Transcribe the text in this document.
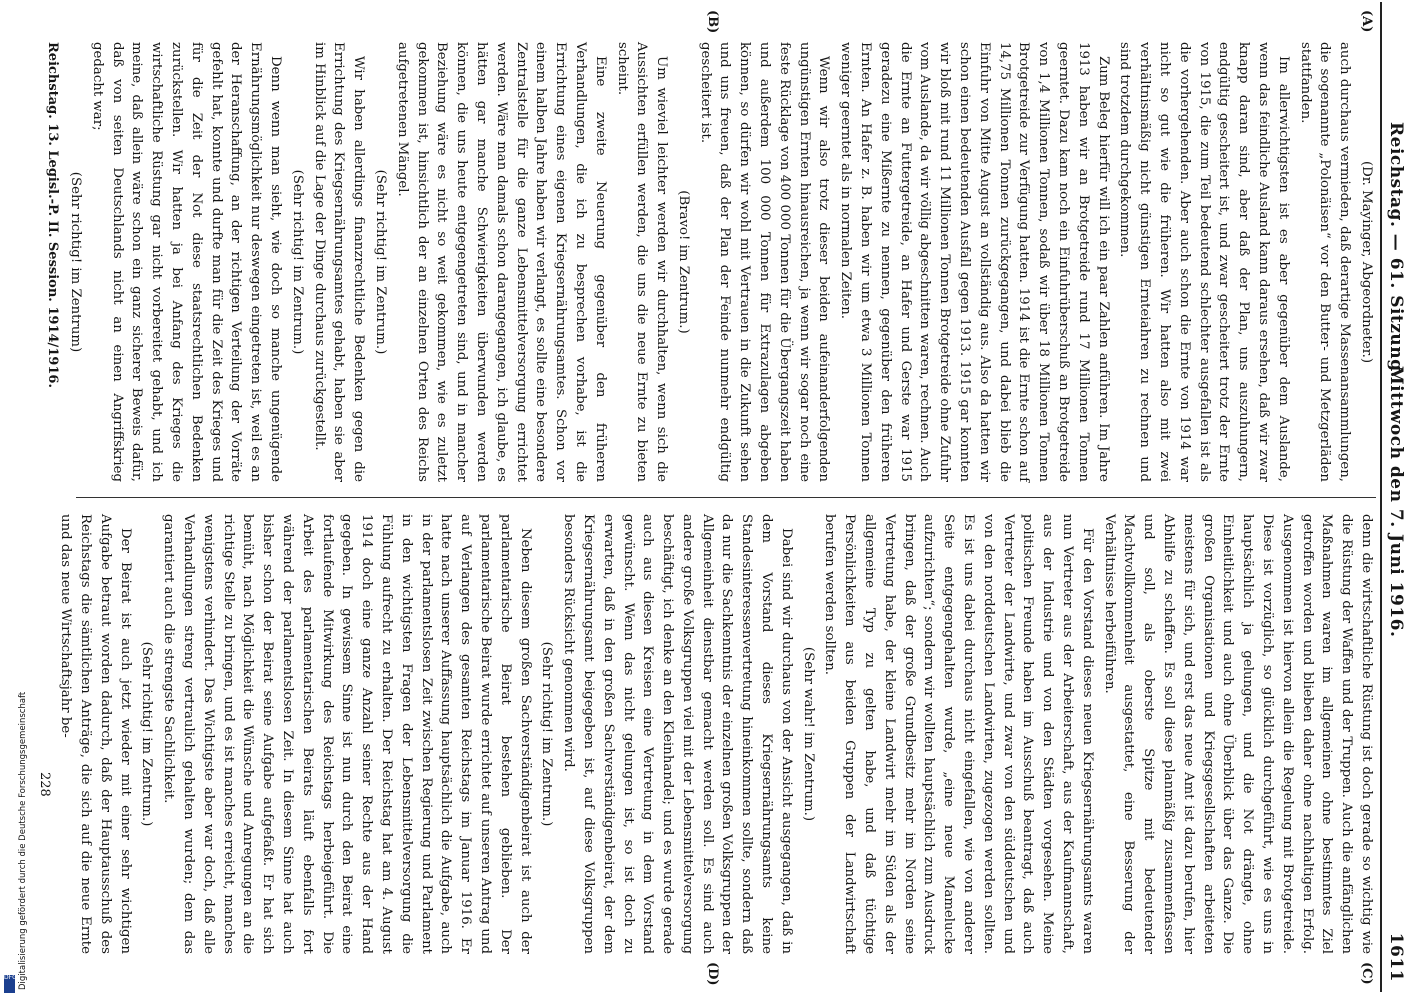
Reichstag. — 61. Sitzung.
Mittwoch den 7. Juni 1916.                                              1611
(A)
(B)
(C)
(D)

(Dr. Mayinger, Abgeordneter.)

auch durchaus vermieden, daß derartige Massenansammlungen, die sogenannte „Polonäisen“ vor den Butter- und Metzgerläden stattfanden.

Im allerwichtigsten ist es aber gegenüber dem Auslande, wenn das feindliche Ausland kann daraus ersehen, daß wir zwar knapp daran sind, aber daß der Plan, uns auszuhungern, endgültig gescheitert ist, und zwar gescheitert trotz der Ernte von 1915, die zum Teil bedeutend schlechter ausgefallen ist als die vorhergehenden. Aber auch schon die Ernte von 1914 war nicht so gut wie die früheren. Wir hatten also mit zwei verhältnismäßig nicht günstigen Ernteiahren zu rechnen und sind trotzdem durchgekommen.

Zum Beleg hierfür will ich ein paar Zahlen anführen. Im Jahre 1913 haben wir an Brotgetreide rund 17 Millionen Tonnen geerntet. Dazu kam noch ein Einfuhrüberschuß an Brotgetreide von 1,4 Millionen Tonnen, sodaß wir über 18 Millionen Tonnen Brotgetreide zur Verfügung hatten. 1914 ist die Ernte schon auf 14,75 Millionen Tonnen zurückgegangen, und dabei blieb die Einfuhr von Mitte August an vollständig aus. Also da hatten wir schon einen bedeutenden Ausfall gegen 1913. 1915 gar konnten wir bloß mit rund 11 Millionen Tonnen Brotgetreide ohne Zufuhr vom Auslande, da wir völlig abgeschnitten waren, rechnen. Auch die Ernte an Futtergetreide, an Hafer und Gerste war 1915 geradezu eine Mißernte zu nennen, gegenüber den früheren Ernten. An Hafer z. B. haben wir um etwa 3 Millionen Tonnen weniger geerntet als in normalen Zeiten.

Wenn wir also trotz dieser beiden aufeinanderfolgenden ungünstigen Ernten hinausreichen, ja wenn wir sogar noch eine feste Rücklage von 400 000 Tonnen für die Übergangszeit haben und außerdem 100 000 Tonnen für Extrazulagen abgeben können, so dürfen wir wohl mit Vertrauen in die Zukunft sehen und uns freuen, daß der Plan der Feinde nunmehr endgültig gescheitert ist.

(Bravo! im Zentrum.)

Um wieviel leichter werden wir durchhalten, wenn sich die Aussichten erfüllen werden, die uns die neue Ernte zu bieten scheint.

Eine zweite Neuerung gegenüber den früheren Verhandlungen, die ich zu besprechen vorhabe, ist die Errichtung eines eigenen Kriegsernährungsamtes. Schon vor einem halben Jahre haben wir verlangt, es sollte eine besondere Zentralstelle für die ganze Lebensmittelversorgung errichtet werden. Wäre man damals schon darangegangen, ich glaube, es hätten gar manche Schwierigkeiten überwunden werden können, die uns heute entgegengetreten sind, und in mancher Beziehung wäre es nicht so weit gekommen, wie es zuletzt gekommen ist, hinsichtlich der an einzelnen Orten des Reichs aufgetretenen Mängel.

(Sehr richtig! im Zentrum.)

Wir haben allerdings finanzrechtliche Bedenken gegen die Errichtung des Kriegsernährungsamtes gehabt, haben sie aber im Hinblick auf die Lage der Dinge durchaus zurückgestellt.

(Sehr richtig! im Zentrum.)

Denn wenn man sieht, wie doch so manche ungenügende Ernährungsmöglichkeit nur deswegen eingetreten ist, weil es an der Heranschaffung, an der richtigen Verteilung der Vorräte gefehlt hat, konnte und durfte man für die Zeit des Krieges und für die Zeit der Not diese staatsrechtlichen Bedenken zurückstellen. Wir hatten ja bei Anfang des Krieges die wirtschaftliche Rüstung gar nicht vorbereitet gehabt, und ich meine, daß allein wäre schon ein ganz sicherer Beweis dafür, daß von seiten Deutschlands nicht an einen Angriffskrieg gedacht war;

(Sehr richtig! im Zentrum)

denn die wirtschaftliche Rüstung ist doch gerade so wichtig wie die Rüstung der Waffen und der Truppen. Auch die anfänglichen Maßnahmen waren im allgemeinen ohne bestimmtes Ziel getroffen worden und blieben daher ohne nachhaltigen Erfolg. Ausgenommen ist hiervon allein die Regelung mit Brotgetreide. Diese ist vorzüglich, so glücklich durchgeführt, wie es uns in hauptsächlich ja gelungen, und die Not drängte, ohne Einheitlichkeit und auch ohne Überblick über das Ganze. Die großen Organisationen und Kriegsgesellschaften arbeiteten meistens für sich, und erst das neue Amt ist dazu berufen, hier Abhilfe zu schaffen. Es soll diese planmäßig zusammenfassen und soll, als oberste Spitze mit bedeutender Machtvollkommenheit ausgestattet, eine Besserung der Verhältnisse herbeiführen.

Für den Vorstand dieses neuen Kriegsernährungsamts waren nun Vertreter aus der Arbeiterschaft, aus der Kaufmannschaft, aus der Industrie und von den Städten vorgesehen. Meine politischen Freunde haben im Ausschuß beantragt, daß auch Vertreter der Landwirte, und zwar von den süddeutschen und von den norddeutschen Landwirten, zugezogen werden sollten. Es ist uns dabei durchaus nicht eingefallen, wie von anderer Seite entgegengehalten wurde, „eine neue Mamelucke aufzurichten“; sondern wir wollten hauptsächlich zum Ausdruck bringen, daß der große Grundbesitz mehr im Norden seine Vertretung habe, der kleine Landwirt mehr im Süden als der allgemeine Typ zu gelten habe, und daß tüchtige Persönlichkeiten aus beiden Gruppen der Landwirtschaft berufen werden sollten.

(Sehr wahr! im Zentrum.)

Dabei sind wir durchaus von der Ansicht ausgegangen, daß in dem Vorstand dieses Kriegsernährungsamts keine Standesinteressenvertretung hineinkommen sollte, sondern daß da nur die Sachkenntnis der einzelnen großen Volksgruppen der Allgemeinheit dienstbar gemacht werden soll. Es sind auch andere große Volksgruppen viel mit der Lebensmittelversorgung beschäftigt, ich denke an den Kleinhandel; und es wurde gerade auch aus diesen Kreisen eine Vertretung in dem Vorstand gewünscht. Wenn das nicht gelungen ist, so ist doch zu erwarten, daß in den großen Sachverständigenbeirat, der dem Kriegsernährungsamt beigegeben ist, auf diese Volksgruppen besonders Rücksicht genommen wird.

(Sehr richtig! im Zentrum.)

Neben diesem großen Sachverständigenbeirat ist auch der parlamentarische Beirat bestehen geblieben. Der parlamentarische Beirat wurde errichtet auf unseren Antrag und auf Verlangen des gesamten Reichstags im Januar 1916. Er hatte nach unserer Auffassung hauptsächlich die Aufgabe, auch in der parlamentslosen Zeit zwischen Regierung und Parlament in den wichtigsten Fragen der Lebensmittelversorgung die Fühlung aufrecht zu erhalten. Der Reichstag hat am 4. August 1914 doch eine ganze Anzahl seiner Rechte aus der Hand gegeben. In gewissem Sinne ist nun durch den Beirat eine fortlaufende Mitwirkung des Reichstags herbeigeführt. Die Arbeit des parlamentarischen Beirats läuft ebenfalls fort während der parlamentslosen Zeit. In diesem Sinne hat auch bisher schon der Beirat seine Aufgabe aufgefaßt. Er hat sich bemüht, nach Möglichkeit die Wünsche und Anregungen an die richtige Stelle zu bringen, und es ist manches erreicht, manches wenigstens verhindert. Das Wichtigste aber war doch, daß alle Verhandlungen streng vertraulich gehalten wurden; dem das garantiert auch die strengste Sachlichkeit.

(Sehr richtig! im Zentrum.)

Der Beirat ist auch jetzt wieder mit einer sehr wichtigen Aufgabe betraut worden dadurch, daß der Hauptausschuß des Reichstags die sämtlichen Anträge, die sich auf die neue Ernte und das neue Wirtschaftsjahr be-

Reichstag. 13. Legisl.-P. II. Session. 1914/1916.
228
Digitalisierung gefördert durch die Deutsche Forschungsgemeinschaft
DFG
